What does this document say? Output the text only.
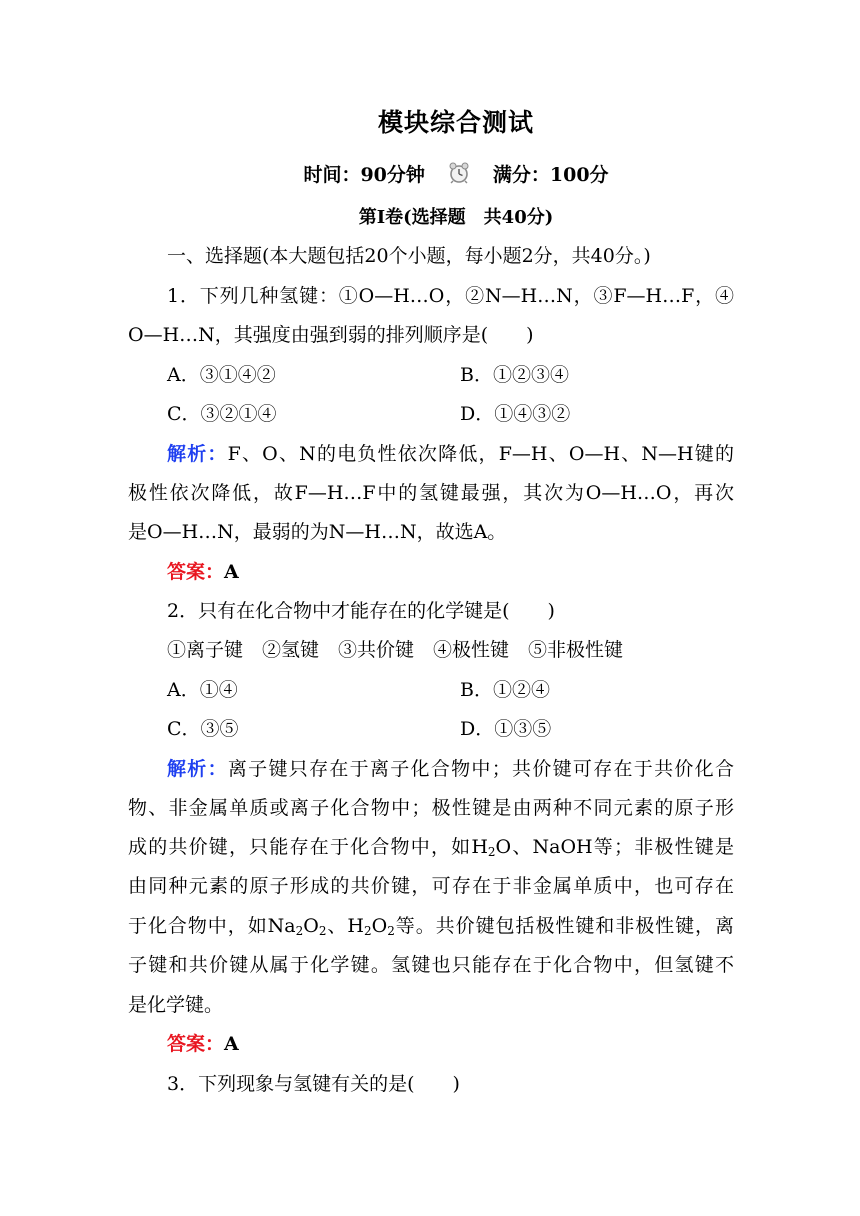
模块综合测试
时间：90分钟	满分：100分
第Ⅰ卷(选择题　共40分)
一、选择题(本大题包括20个小题，每小题2分，共40分。)
1．下列几种氢键：①O—H…O，②N—H…N，③F—H…F，④
O—H…N，其强度由强到弱的排列顺序是(　　)
A．③①④②	B．①②③④
C．③②①④	D．①④③②
解析：F、O、N的电负性依次降低，F—H、O—H、N—H键的
极性依次降低，故F—H…F中的氢键最强，其次为O—H…O，再次
是O—H…N，最弱的为N—H…N，故选A。
答案：A
2．只有在化合物中才能存在的化学键是(　　)
①离子键　②氢键　③共价键　④极性键　⑤非极性键
A．①④	B．①②④
C．③⑤	D．①③⑤
解析：离子键只存在于离子化合物中；共价键可存在于共价化合
物、非金属单质或离子化合物中；极性键是由两种不同元素的原子形
成的共价键，只能存在于化合物中，如$H_2O$、NaOH等；非极性键是
由同种元素的原子形成的共价键，可存在于非金属单质中，也可存在
于化合物中，如$Na_2O_2$、$H_2O_2$等。共价键包括极性键和非极性键，离
子键和共价键从属于化学键。氢键也只能存在于化合物中，但氢键不
是化学键。
答案：A
3．下列现象与氢键有关的是(　　)
